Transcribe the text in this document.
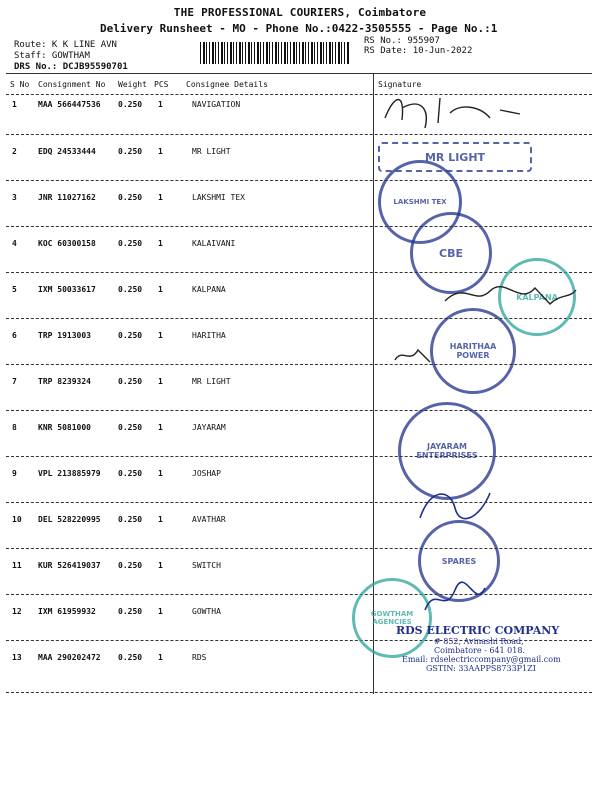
THE PROFESSIONAL COURIERS, Coimbatore
Delivery Runsheet - MO - Phone No.:0422-3505555 - Page No.:1
Route: K K LINE AVN
Staff: GOWTHAM
DRS No.: DCJB95590701
RS No.: 955907
RS Date: 10-Jun-2022
S No Consignment No Weight PCS Consignee Details	Signature
1	MAA 566447536 0.250 1	NAVIGATION
2	EDQ 24533444	0.250 1	MR LIGHT
3	JNR 11027162	0.250 1	LAKSHMI TEX
4	KOC 60300158	0.250 1	KALAIVANI
5	IXM 50033617	0.250 1	KALPANA
6	TRP 1913003	0.250 1	HARITHA
7	TRP 8239324	0.250 1	MR LIGHT
8	KNR 5081000	0.250 1	JAYARAM
9	VPL 213885979 0.250 1	JOSHAP
10 DEL 528220995 0.250 1	AVATHAR
11 KUR 526419037 0.250 1	SWITCH
12 IXM 61959932	0.250 1	GOWTHA
13 MAA 290202472 0.250 1	RDS
MR LIGHT
LAKSHMI TEX
CBE
KALPANA
HARITHAA POWER
JAYARAM ENTERPRISES
SPARES
GOWTHAM AGENCIES
RDS ELECTRIC COMPANY
# 852, Avinashi Road,
Coimbatore - 641 018.
Email: rdselectriccompany@gmail.com
GSTIN: 33AAPPS8733P1ZI
